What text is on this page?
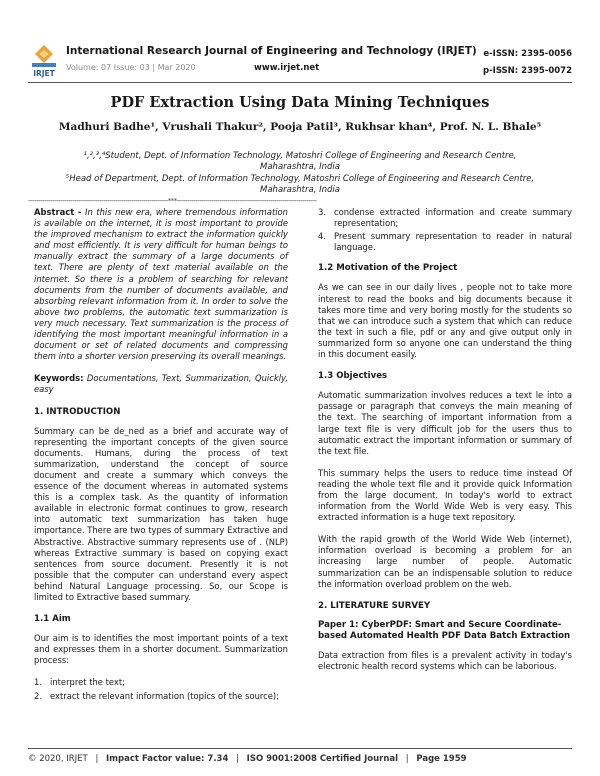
IRJET
International Research Journal of Engineering and Technology (IRJET)
Volume: 07 Issue: 03 | Mar 2020	www.irjet.net
e-ISSN: 2395-0056
p-ISSN: 2395-0072
PDF Extraction Using Data Mining Techniques
Madhuri Badhe¹, Vrushali Thakur², Pooja Patil³, Rukhsar khan⁴, Prof. N. L. Bhale⁵
¹,²,³,⁴Student, Dept. of Information Technology, Matoshri College of Engineering and Research Centre,
Maharashtra, India
⁵Head of Department, Dept. of Information Technology, Matoshri College of Engineering and Research Centre,
Maharashtra, India
---------------------------------------------------------------------***---------------------------------------------------------------------

Abstract - In this new era, where tremendous information is available on the internet, it is most important to provide the improved mechanism to extract the information quickly and most efficiently. It is very difficult for human beings to manually extract the summary of a large documents of text. There are plenty of text material available on the internet. So there is a problem of searching for relevant documents from the number of documents available, and absorbing relevant information from it. In order to solve the above two problems, the automatic text summarization is very much necessary. Text summarization is the process of identifying the most important meaningful information in a document or set of related documents and compressing them into a shorter version preserving its overall meanings.

Keywords: Documentations, Text, Summarization, Quickly, easy

1. INTRODUCTION

Summary can be de_ned as a brief and accurate way of representing the important concepts of the given source documents. Humans, during the process of text summarization, understand the concept of source document and create a summary which conveys the essence of the document whereas in automated systems this is a complex task. As the quantity of information available in electronic format continues to grow, research into automatic text summarization has taken huge importance. There are two types of summary Extractive and Abstractive. Abstractive summary represents use of . (NLP) whereas Extractive summary is based on copying exact sentences from source document. Presently it is not possible that the computer can understand every aspect behind Natural Language processing. So, our Scope is limited to Extractive based summary.

1.1 Aim

Our aim is to identifies the most important points of a text and expresses them in a shorter document. Summarization process:

1. interpret the text;
2. extract the relevant information (topics of the source);
3. condense extracted information and create summary representation;
4. Present summary representation to reader in natural language.
1.2 Motivation of the Project

As we can see in our daily lives , people not to take more interest to read the books and big documents because it takes more time and very boring mostly for the students so that we can introduce such a system that which can reduce the text in such a file, pdf or any and give output only in summarized form so anyone one can understand the thing in this document easily.

1.3 Objectives

Automatic summarization involves reduces a text le into a passage or paragraph that conveys the main meaning of the text. The searching of important information from a large text file is very difficult job for the users thus to automatic extract the important information or summary of the text file.

This summary helps the users to reduce time instead Of reading the whole text file and it provide quick Information from the large document. In today's world to extract information from the World Wide Web is very easy. This extracted information is a huge text repository.

With the rapid growth of the World Wide Web (internet), information overload is becoming a problem for an increasing large number of people. Automatic summarization can be an indispensable solution to reduce the information overload problem on the web.

2. LITERATURE SURVEY
Paper 1: CyberPDF: Smart and Secure Coordinate-based Automated Health PDF Data Batch Extraction

Data extraction from files is a prevalent activity in today's electronic health record systems which can be laborious.

© 2020, IRJET | Impact Factor value: 7.34 | ISO 9001:2008 Certified Journal | Page 1959
